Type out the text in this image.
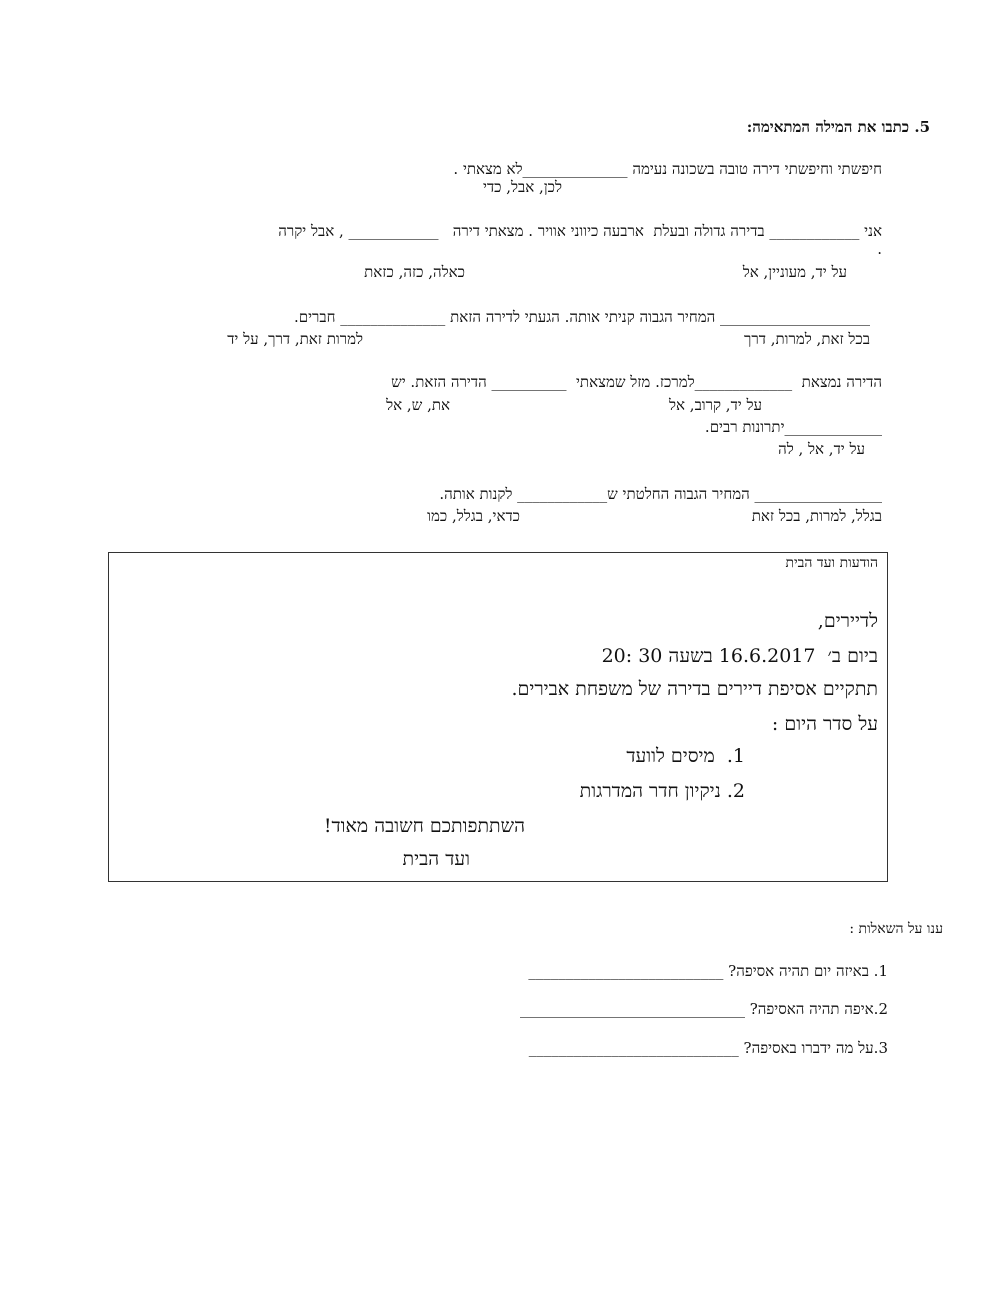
5. כתבו את המילה המתאימה:
חיפשתי וחיפשתי דירה טובה בשכונה נעימה ______________לא מצאתי .
לכן, אבל, כדי
אני ____________ בדירה גדולה ובעלת  ארבעה כיווני אוויר . מצאתי דירה   ____________ , אבל יקרה
.
על יד, מעוניין, אל
כאלה, כזה, כזאת
____________________ המחיר הגבוה קניתי אותה. הגעתי לדירה הזאת ______________ חברים.
בכל זאת, למרות, דרך
למרות זאת, דרך, על יד
הדירה נמצאת  _____________למרכז. מזל שמצאתי  __________ הדירה הזאת. יש
על יד, קרוב, אל
את, ש, אל
_____________יתרונות רבים.
על יד, אל , לה
_________________ המחיר הגבוה החלטתי ש____________ לקנות אותה.
בגלל, למרות, בכל זאת
כדאי, בגלל, כמו
הודעות ועד הבית
לדיירים,
ביום ב׳  16.6.2017 בשעה 30 :20
תתקיים אסיפת דיירים בדירה של משפחת אבירים.
על סדר היום :
1.  מיסים לוועד
2. ניקיון חדר המדרגות
השתתפותכם חשובה מאוד!
ועד הבית
ענו על השאלות :
1. באיזה יום תהיה אסיפה? __________________________
2.איפה תהיה האסיפה? ______________________________
3.על מה ידברו באסיפה? ____________________________
